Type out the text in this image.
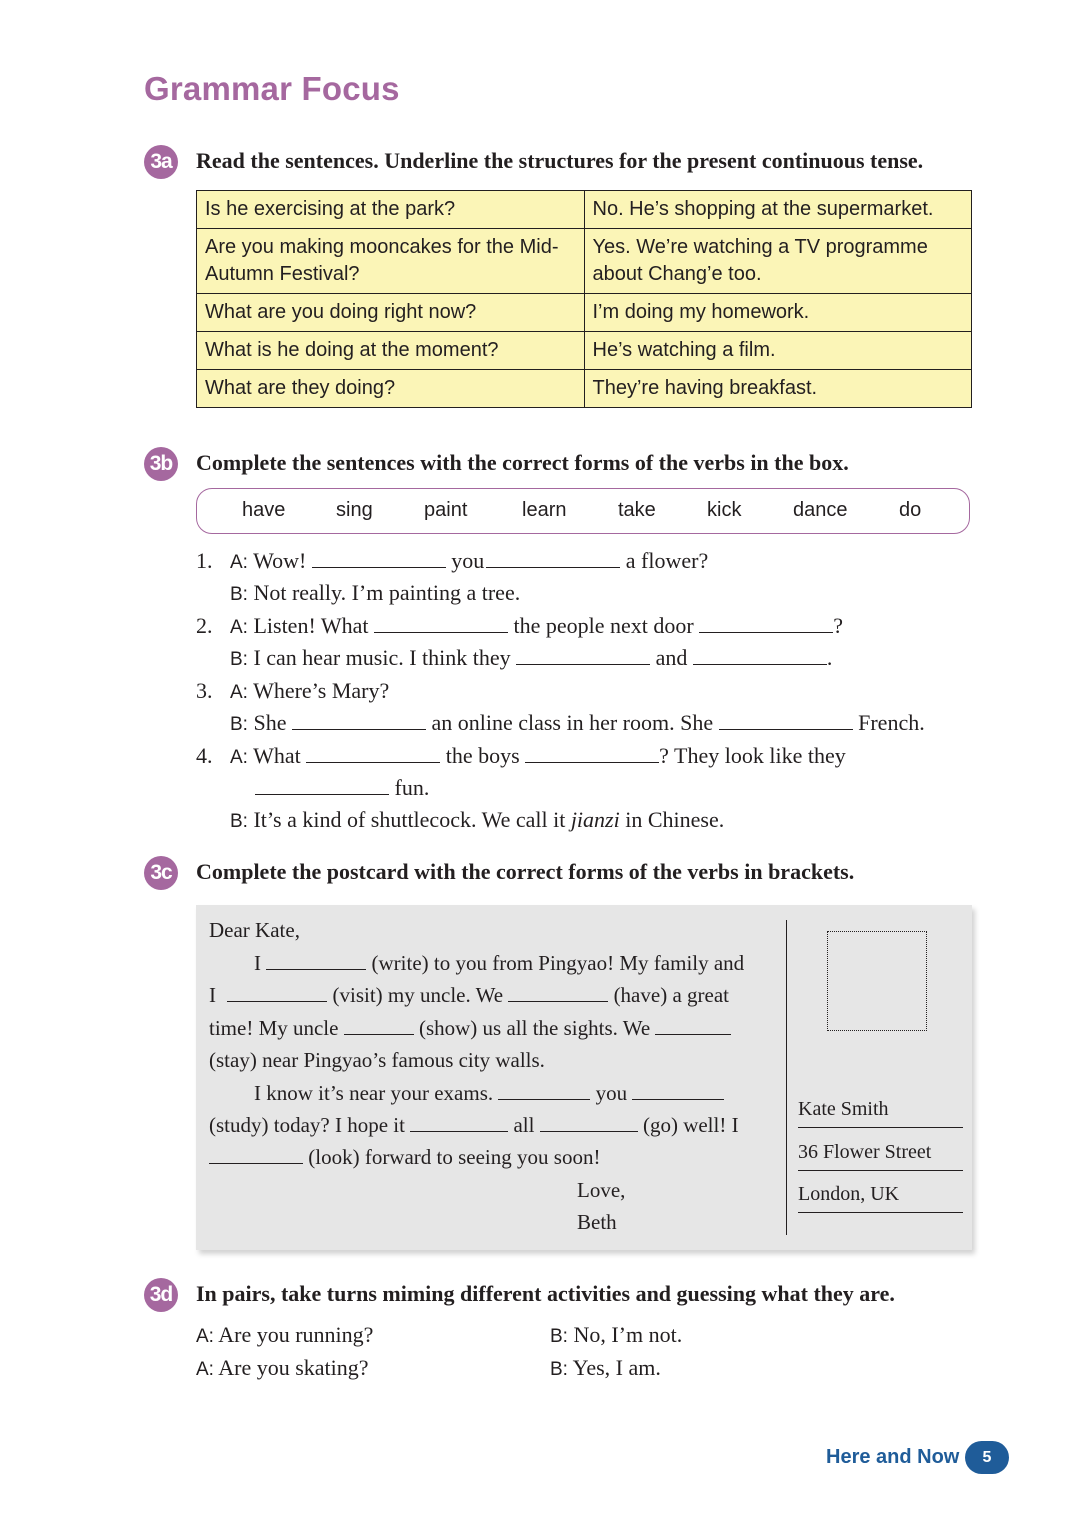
Grammar Focus
3a Read the sentences. Underline the structures for the present continuous tense.
Is he exercising at the park?	No. He’s shopping at the supermarket.
Are you making mooncakes for the Mid-Autumn Festival?	Yes. We’re watching a TV programme about Chang’e too.
What are you doing right now?	I’m doing my homework.
What is he doing at the moment?	He’s watching a film.
What are they doing?	They’re having breakfast.
3b Complete the sentences with the correct forms of the verbs in the box.
have	sing	paint	learn	take	kick	dance	do
1. A: Wow!	you	a flower?
B: Not really. I’m painting a tree.
2. A: Listen! What	the people next door	?
B: I can hear music. I think they	and	.
3. A: Where’s Mary?
B: She	an online class in her room. She	French.
4. A: What	the boys	? They look like they
fun.
B: It’s a kind of shuttlecock. We call it jianzi in Chinese.
3c Complete the postcard with the correct forms of the verbs in brackets.
Dear Kate,
I	(write) to you from Pingyao! My family and
I	(visit) my uncle. We	(have) a great
time! My uncle	(show) us all the sights. We
(stay) near Pingyao’s famous city walls.
I know it’s near your exams.	you
(study) today? I hope it	all	(go) well! I
(look) forward to seeing you soon!
Love,
Beth
Kate Smith
36 Flower Street
London, UK
3d In pairs, take turns miming different activities and guessing what they are.
A: Are you running?	B: No, I’m not.
A: Are you skating?	B: Yes, I am.
Here and Now	5
